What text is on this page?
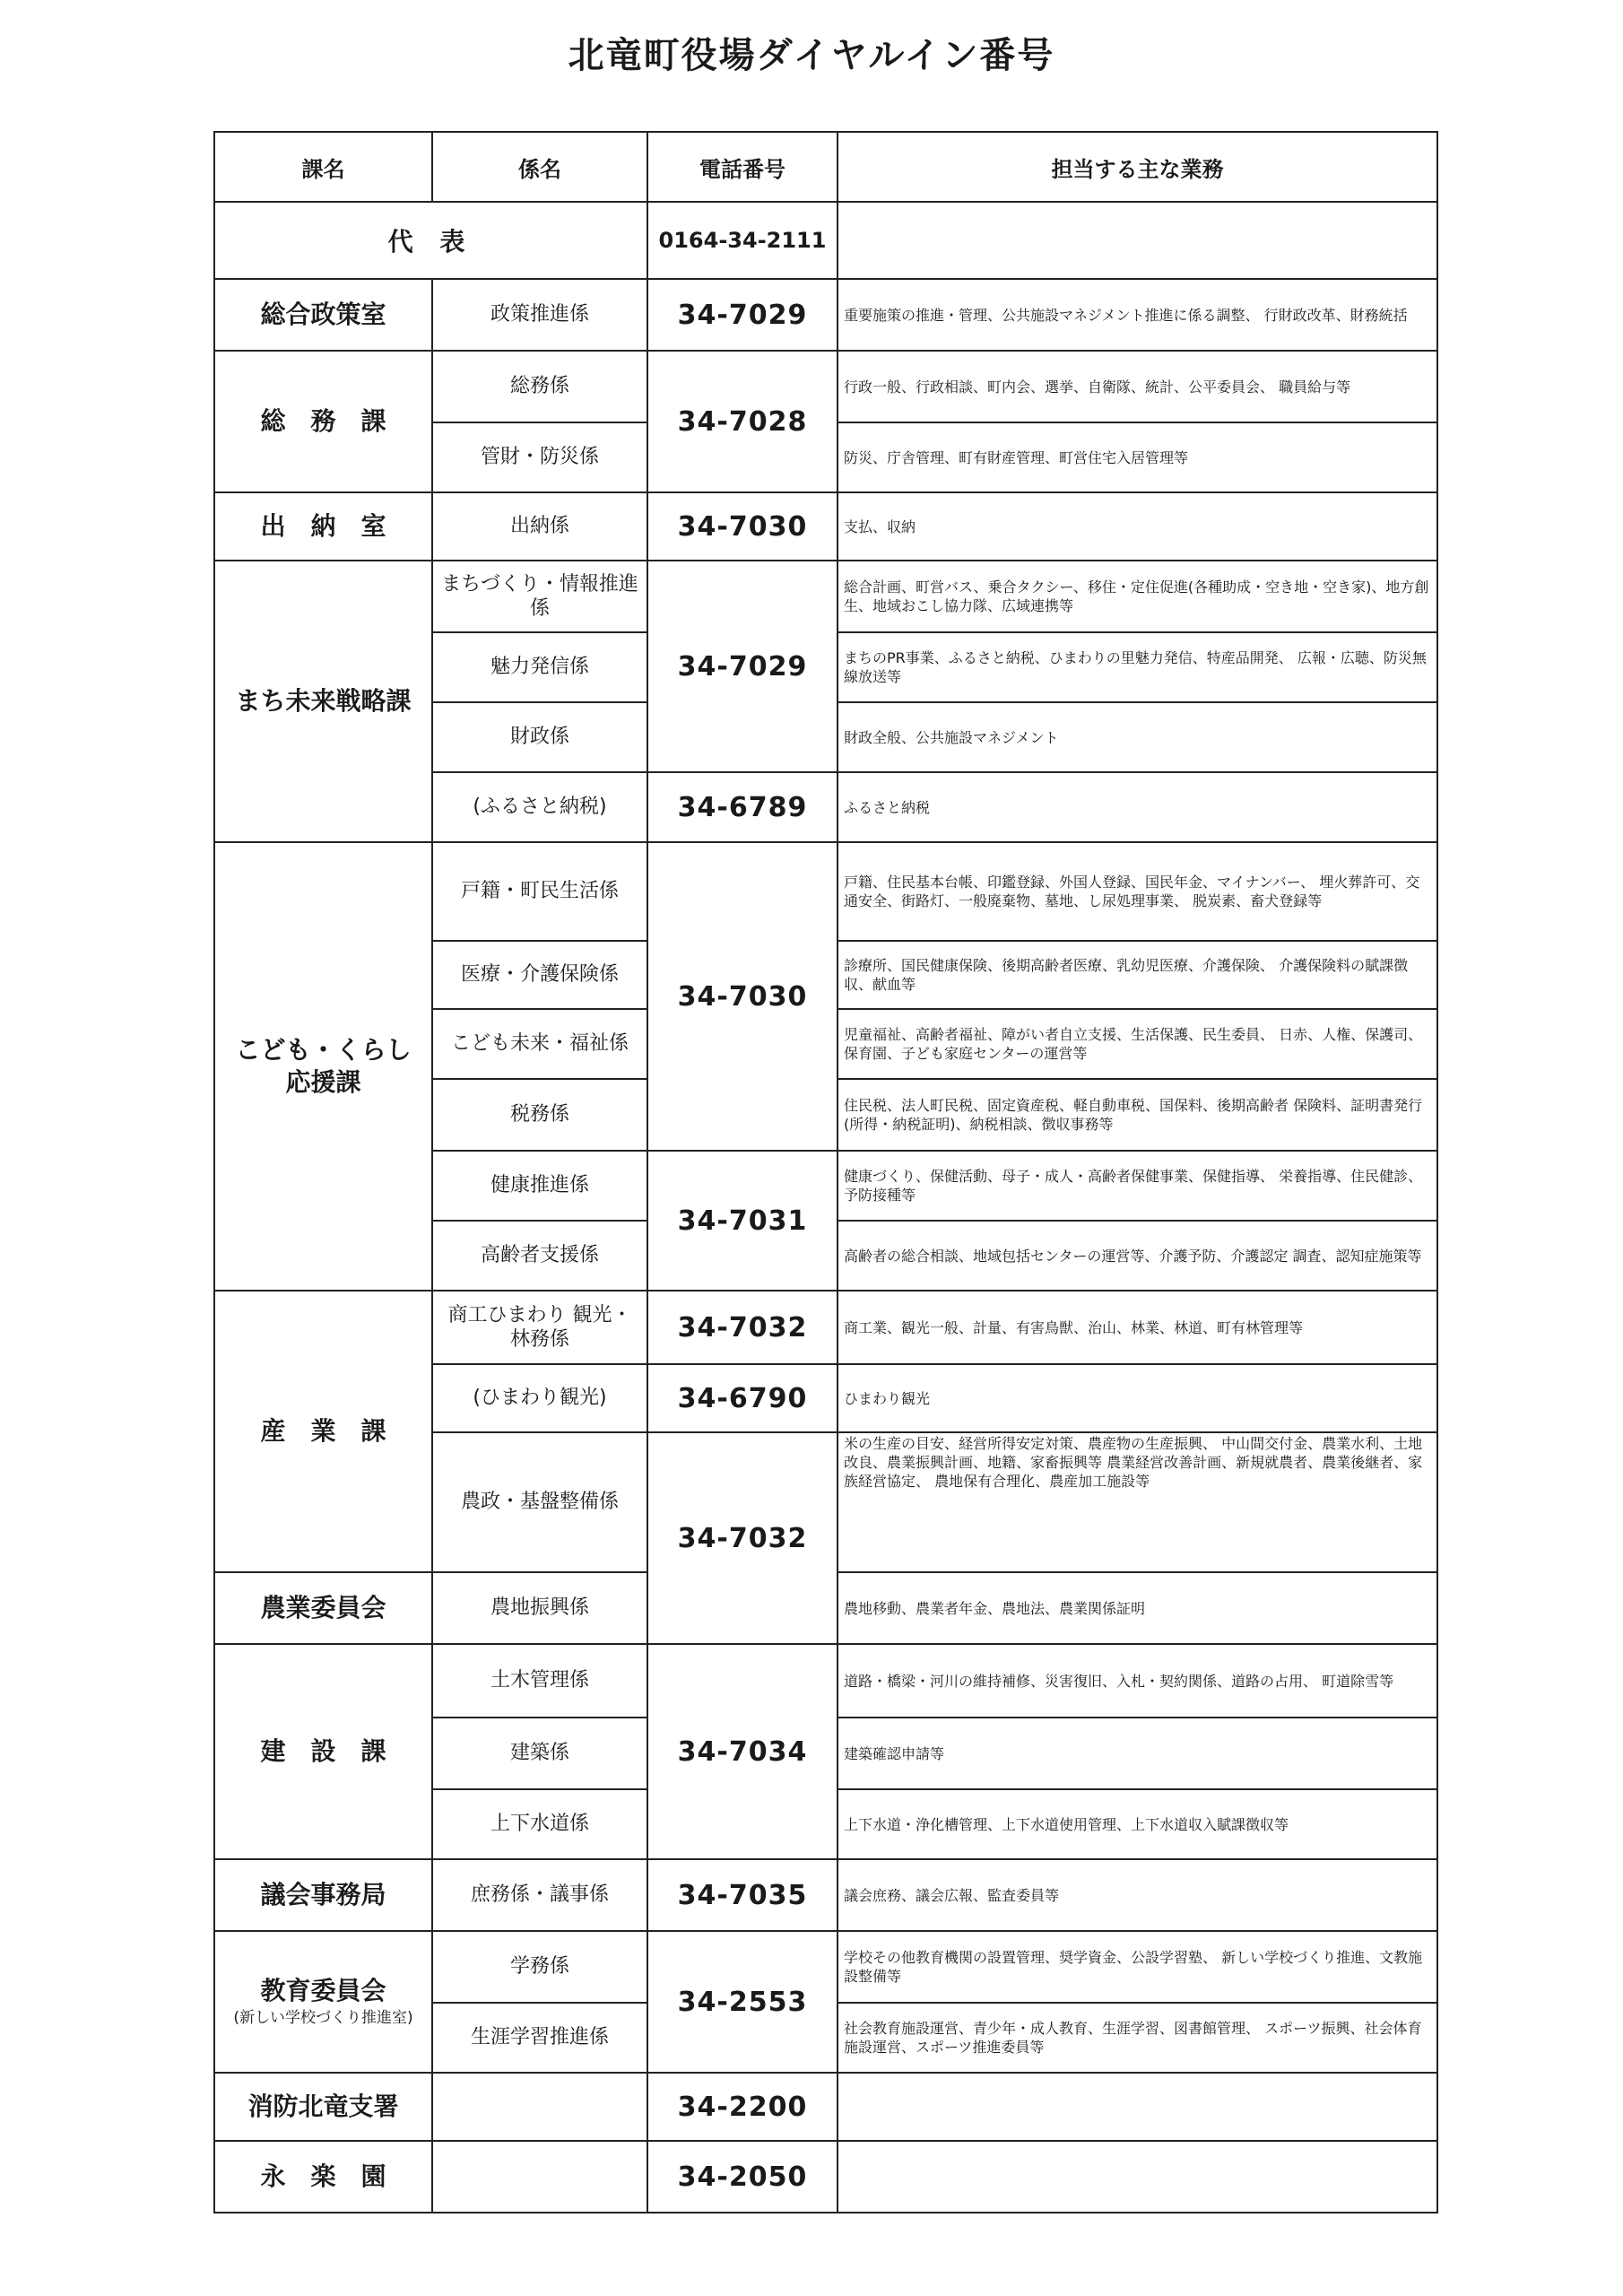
北竜町役場ダイヤルイン番号
課名	係名	電話番号	担当する主な業務
代 表		0164-34-2111	
総合政策室	政策推進係	34-7029	重要施策の推進・管理、公共施設マネジメント推進に係る調整、 行財政改革、財務統括
総　務　課	総務係	34-7028	行政一般、行政相談、町内会、選挙、自衛隊、統計、公平委員会、 職員給与等
	管財・防災係		防災、庁舎管理、町有財産管理、町営住宅入居管理等
出　納　室	出納係	34-7030	支払、収納
まち未来戦略課	まちづくり・情報推進係	34-7029	総合計画、町営バス、乗合タクシー、移住・定住促進(各種助成・空き地・空き家)、地方創生、地域おこし協力隊、広域連携等
	魅力発信係		まちのPR事業、ふるさと納税、ひまわりの里魅力発信、特産品開発、 広報・広聴、防災無線放送等
	財政係		財政全般、公共施設マネジメント
	(ふるさと納税)	34-6789	ふるさと納税
こども・くらし 応援課	戸籍・町民生活係	34-7030	戸籍、住民基本台帳、印鑑登録、外国人登録、国民年金、マイナンバー、 埋火葬許可、交通安全、街路灯、一般廃棄物、墓地、し尿処理事業、 脱炭素、畜犬登録等
	医療・介護保険係		診療所、国民健康保険、後期高齢者医療、乳幼児医療、介護保険、 介護保険料の賦課徴収、献血等
	こども未来・福祉係		児童福祉、高齢者福祉、障がい者自立支援、生活保護、民生委員、 日赤、人権、保護司、保育園、子ども家庭センターの運営等
	税務係		住民税、法人町民税、固定資産税、軽自動車税、国保料、後期高齢者 保険料、証明書発行(所得・納税証明)、納税相談、徴収事務等
	健康推進係	34-7031	健康づくり、保健活動、母子・成人・高齢者保健事業、保健指導、 栄養指導、住民健診、予防接種等
	高齢者支援係		高齢者の総合相談、地域包括センターの運営等、介護予防、介護認定 調査、認知症施策等
産　業　課	商工ひまわり 観光・林務係	34-7032	商工業、観光一般、計量、有害鳥獣、治山、林業、林道、町有林管理等
	(ひまわり観光)	34-6790	ひまわり観光
	農政・基盤整備係	34-7032	米の生産の目安、経営所得安定対策、農産物の生産振興、 中山間交付金、農業水利、土地改良、農業振興計画、地籍、家畜振興等 農業経営改善計画、新規就農者、農業後継者、家族経営協定、 農地保有合理化、農産加工施設等
農業委員会	農地振興係		農地移動、農業者年金、農地法、農業関係証明
建　設　課	土木管理係	34-7034	道路・橋梁・河川の維持補修、災害復旧、入札・契約関係、道路の占用、 町道除雪等
	建築係		建築確認申請等
	上下水道係		上下水道・浄化槽管理、上下水道使用管理、上下水道収入賦課徴収等
議会事務局	庶務係・議事係	34-7035	議会庶務、議会広報、監査委員等
教育委員会
(新しい学校づくり推進室)	学務係	34-2553	学校その他教育機関の設置管理、奨学資金、公設学習塾、 新しい学校づくり推進、文教施設整備等
	生涯学習推進係		社会教育施設運営、青少年・成人教育、生涯学習、図書館管理、 スポーツ振興、社会体育施設運営、スポーツ推進委員等
消防北竜支署		34-2200	
永　楽　園		34-2050	
